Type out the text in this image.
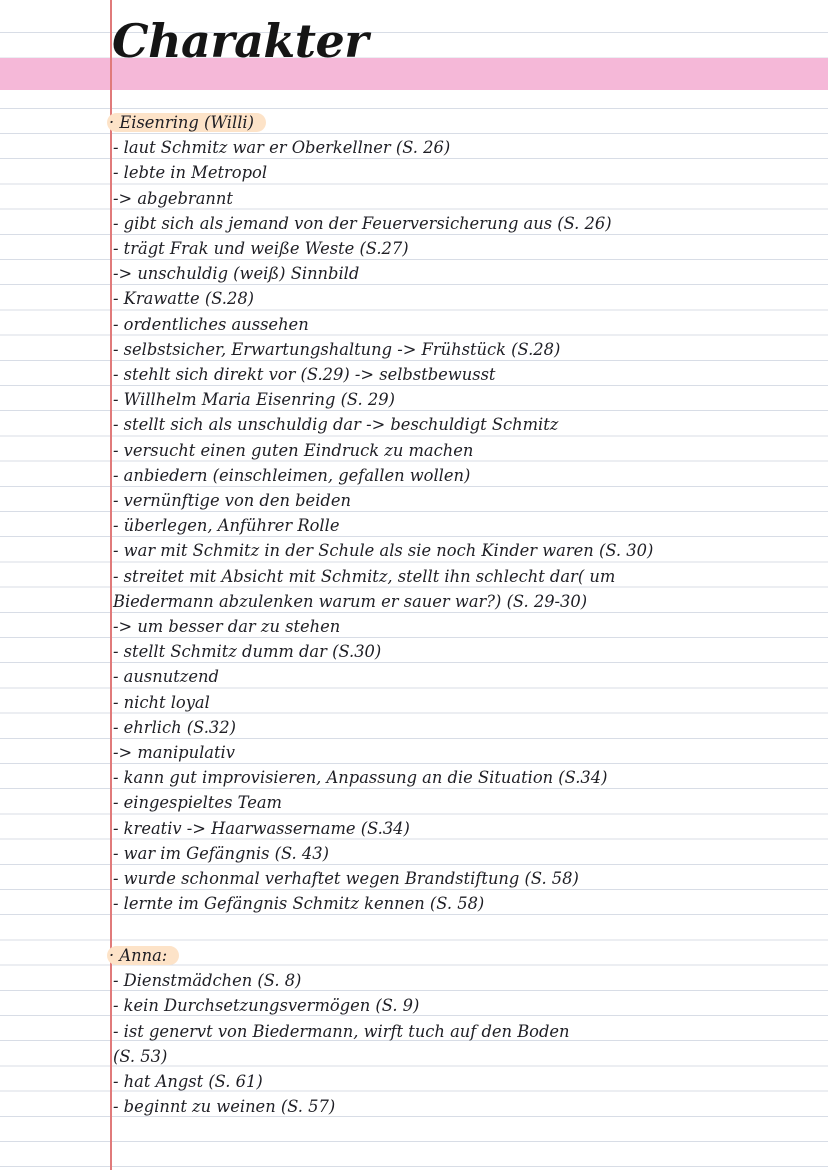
Charakter
· Eisenring (Willi)
- laut Schmitz war er Oberkellner (S. 26)
- lebte in Metropol
-> abgebrannt
- gibt sich als jemand von der Feuerversicherung aus (S. 26)
- trägt Frak und weiße Weste (S.27)
-> unschuldig (weiß) Sinnbild
- Krawatte (S.28)
- ordentliches aussehen
- selbstsicher, Erwartungshaltung -> Frühstück (S.28)
- stehlt sich direkt vor (S.29) -> selbstbewusst
- Willhelm Maria Eisenring (S. 29)
- stellt sich als unschuldig dar -> beschuldigt Schmitz
- versucht einen guten Eindruck zu machen
- anbiedern (einschleimen, gefallen wollen)
- vernünftige von den beiden
- überlegen, Anführer Rolle
- war mit Schmitz in der Schule als sie noch Kinder waren (S. 30)
- streitet mit Absicht mit Schmitz, stellt ihn schlecht dar( um
Biedermann abzulenken warum er sauer war?) (S. 29-30)
-> um besser dar zu stehen
- stellt Schmitz dumm dar (S.30)
- ausnutzend
- nicht loyal
- ehrlich (S.32)
-> manipulativ
- kann gut improvisieren, Anpassung an die Situation (S.34)
- eingespieltes Team
- kreativ -> Haarwassername (S.34)
- war im Gefängnis (S. 43)
- wurde schonmal verhaftet wegen Brandstiftung (S. 58)
- lernte im Gefängnis Schmitz kennen (S. 58)
· Anna:
- Dienstmädchen (S. 8)
- kein Durchsetzungsvermögen (S. 9)
- ist genervt von Biedermann, wirft tuch auf den Boden
(S. 53)
- hat Angst (S. 61)
- beginnt zu weinen (S. 57)
